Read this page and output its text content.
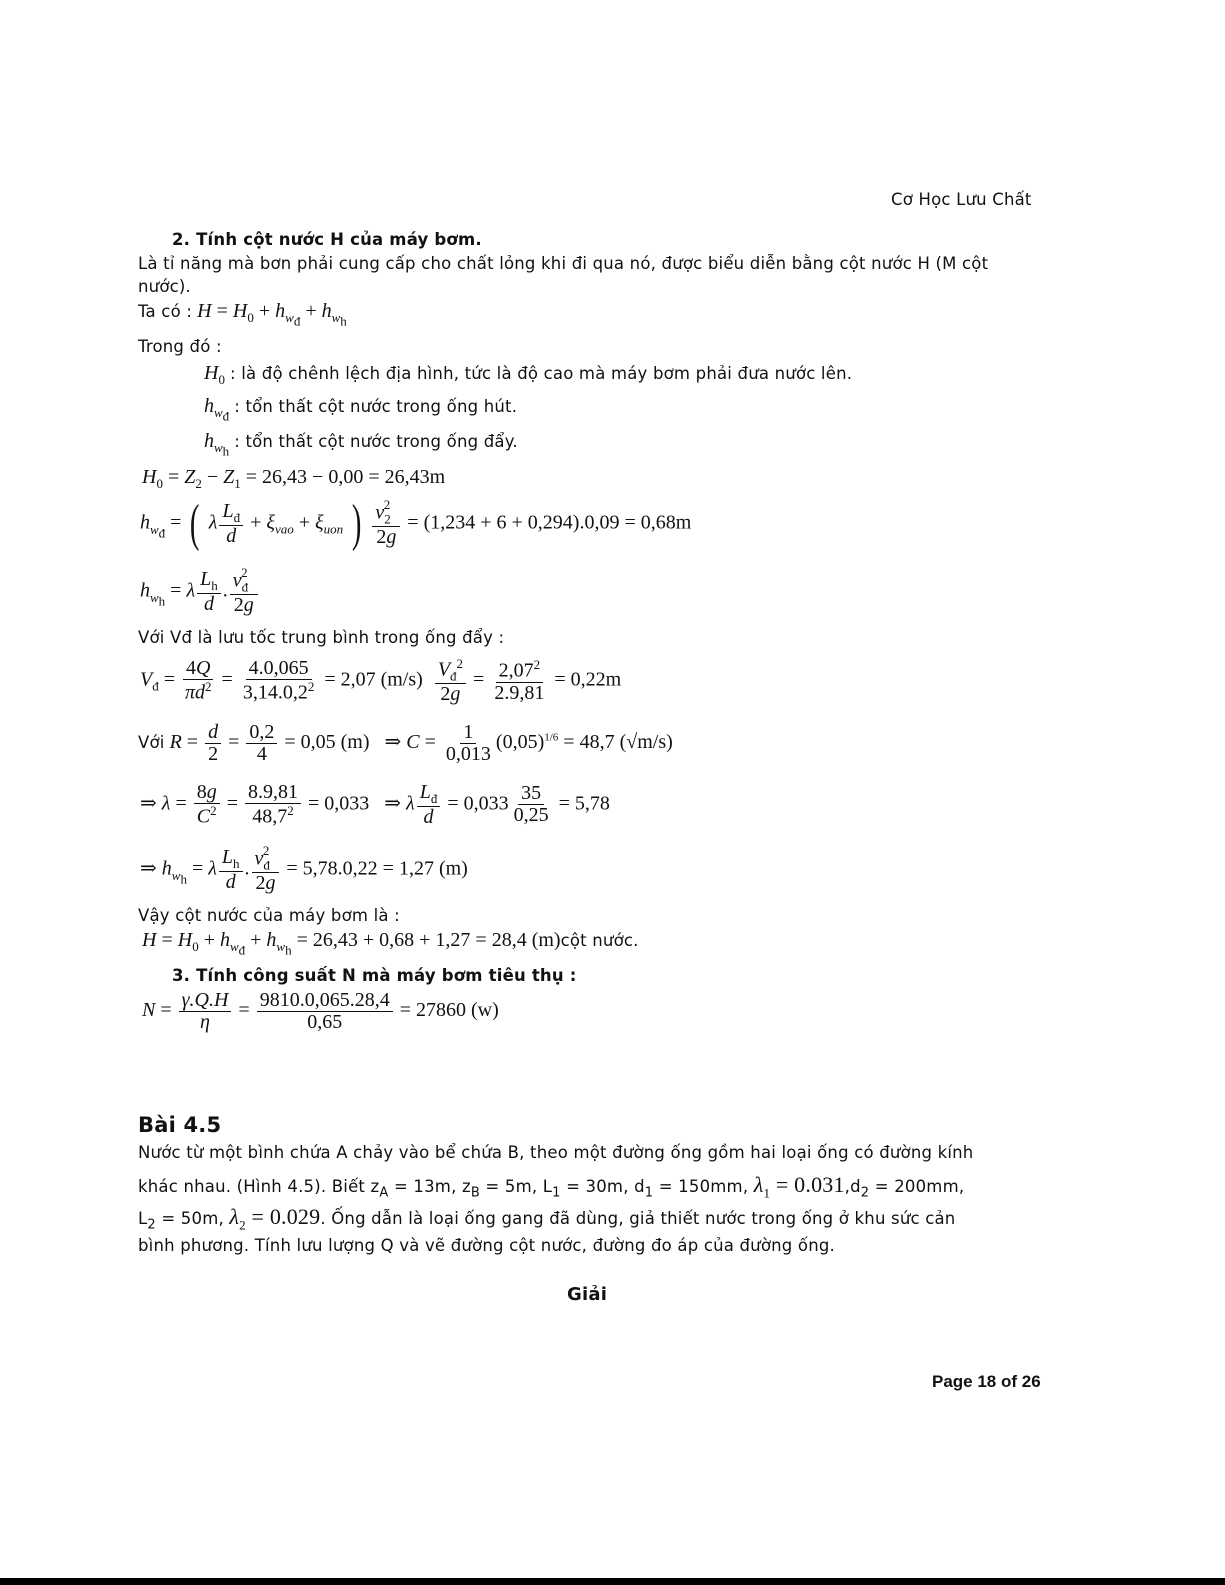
Cơ Học Lưu Chất
2. Tính cột nước H của máy bơm.
Là tỉ năng mà bơn phải cung cấp cho chất lỏng khi đi qua nó, được biểu diễn bằng cột nước H (M cột
nước).
Ta có : $H = H_0 + h_{w_đ} + h_{w_h}$
Trong đó :
$H_0$ : là độ chênh lệch địa hình, tức là độ cao mà máy bơm phải đưa nước lên.
$h_{w_đ}$ : tổn thất cột nước trong ống hút.
$h_{w_h}$ : tổn thất cột nước trong ống đẩy.
$H_0 = Z_2 - Z_1 = 26,43 - 0,00 = 26,43m$
$h_{w_đ}$ = ( λ $\frac{L_đ}{d} + \xi_{vao} + \xi_{uon}$ ) $\frac{v_2^2}{2g} = (1,234 + 6 + 0,294).0,09 = 0,68m$
$h_{w_h} = \lambda \frac{L_h}{d}$ . $\frac{v_đ^2}{2g}$
Với Vđ là lưu tốc trung bình trong ống đẩy :
$V_đ = \frac{4Q}{\pi d^2} = \frac{4.0,065}{3,14.0,2^2} = 2,07$ $(m/s) \frac{V_đ^2}{2g} = \frac{2,07^2}{2.9,81} = 0,22m$
Với $R = \frac{d}{2} = \frac{0,2}{4} = 0,05$ (m)   ⇒ $C = \frac{1}{0,013} (0,05)^{1/6} = 48,7$ (√m/s)
⇒ $\lambda = \frac{8g}{C^2} = \frac{8.9,81}{48,7^2} = 0,033$   ⇒ λ $\frac{L_đ}{d} = 0,033 \frac{35}{0,25} = 5,78$
⇒ $h_{w_h} = \lambda \frac{L_h}{d}$ . $\frac{v_đ^2}{2g} = 5,78.0,22 = 1,27$ (m)
Vậy cột nước của máy bơm là :
$H = H_0 + h_{w_đ} + h_{w_h} = 26,43 + 0,68 + 1,27 = 28,4$ (m)cột nước.
3. Tính công suất N mà máy bơm tiêu thụ :
$N = \frac{\gamma.Q.H}{\eta} = \frac{9810.0,065.28,4}{0,65} = 27860$ (w)
Bài 4.5
Nước từ một bình chứa A chảy vào bể chứa B, theo một đường ống gồm hai loại ống có đường kính
khác nhau. (Hình 4.5). Biết $z_A = 13m$, $z_B = 5m$, $L_1 = 30m$, $d_1 = 150mm$, $\lambda_1 = 0.031,d_2 = 200mm$,
$L_2 = 50m$, $\lambda_2 = 0.029$. Ống dẫn là loại ống gang đã dùng, giả thiết nước trong ống ở khu sức cản
bình phương. Tính lưu lượng Q và vẽ đường cột nước, đường đo áp của đường ống.
Giải
Page 18 of 26
